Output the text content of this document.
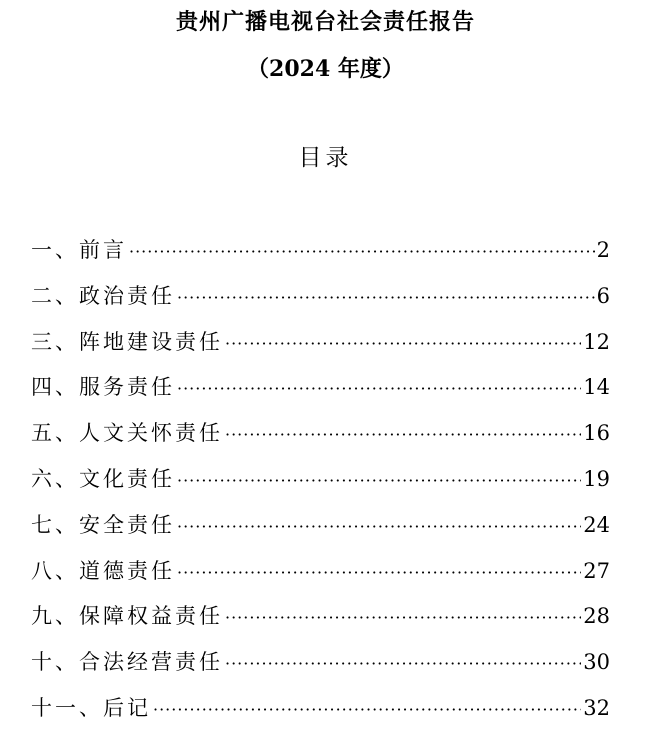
贵州广播电视台社会责任报告
（2024 年度）
目录
一、前言 ·····	2
二、政治责任 ·····	6
三、阵地建设责任 ·····	12
四、服务责任 ·····	14
五、人文关怀责任 ·····	16
六、文化责任 ·····	19
七、安全责任 ·····	24
八、道德责任 ·····	27
九、保障权益责任 ·····	28
十、合法经营责任 ·····	30
十一、后记 ·····	32
